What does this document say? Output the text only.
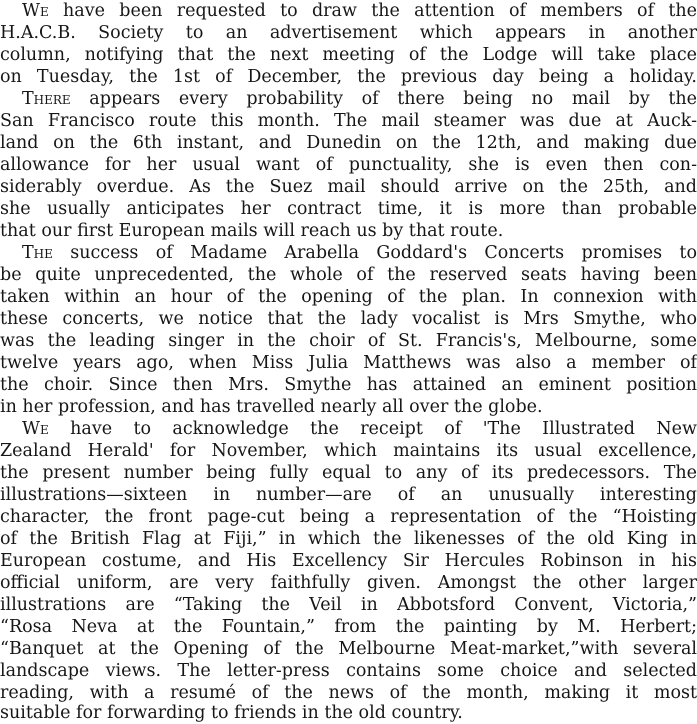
We have been requested to draw the attention of members of the
H.A.C.B. Society to an advertisement which appears in another
column, notifying that the next meeting of the Lodge will take place
on Tuesday, the 1st of December, the previous day being a holiday.
There appears every probability of there being no mail by the
San Francisco route this month. The mail steamer was due at Auck-
land on the 6th instant, and Dunedin on the 12th, and making due
allowance for her usual want of punctuality, she is even then con-
siderably overdue. As the Suez mail should arrive on the 25th, and
she usually anticipates her contract time, it is more than probable
that our first European mails will reach us by that route.
The success of Madame Arabella Goddard's Concerts promises to
be quite unprecedented, the whole of the reserved seats having been
taken within an hour of the opening of the plan. In connexion with
these concerts, we notice that the lady vocalist is Mrs Smythe, who
was the leading singer in the choir of St. Francis's, Melbourne, some
twelve years ago, when Miss Julia Matthews was also a member of
the choir. Since then Mrs. Smythe has attained an eminent position
in her profession, and has travelled nearly all over the globe.
We have to acknowledge the receipt of 'The Illustrated New
Zealand Herald' for November, which maintains its usual excellence,
the present number being fully equal to any of its predecessors. The
illustrations—sixteen in number—are of an unusually interesting
character, the front page-cut being a representation of the “Hoisting
of the British Flag at Fiji,” in which the likenesses of the old King in
European costume, and His Excellency Sir Hercules Robinson in his
official uniform, are very faithfully given. Amongst the other larger
illustrations are “Taking the Veil in Abbotsford Convent, Victoria,”
“Rosa Neva at the Fountain,” from the painting by M. Herbert;
“Banquet at the Opening of the Melbourne Meat-market,”with several
landscape views. The letter-press contains some choice and selected
reading, with a resumé of the news of the month, making it most
suitable for forwarding to friends in the old country.
